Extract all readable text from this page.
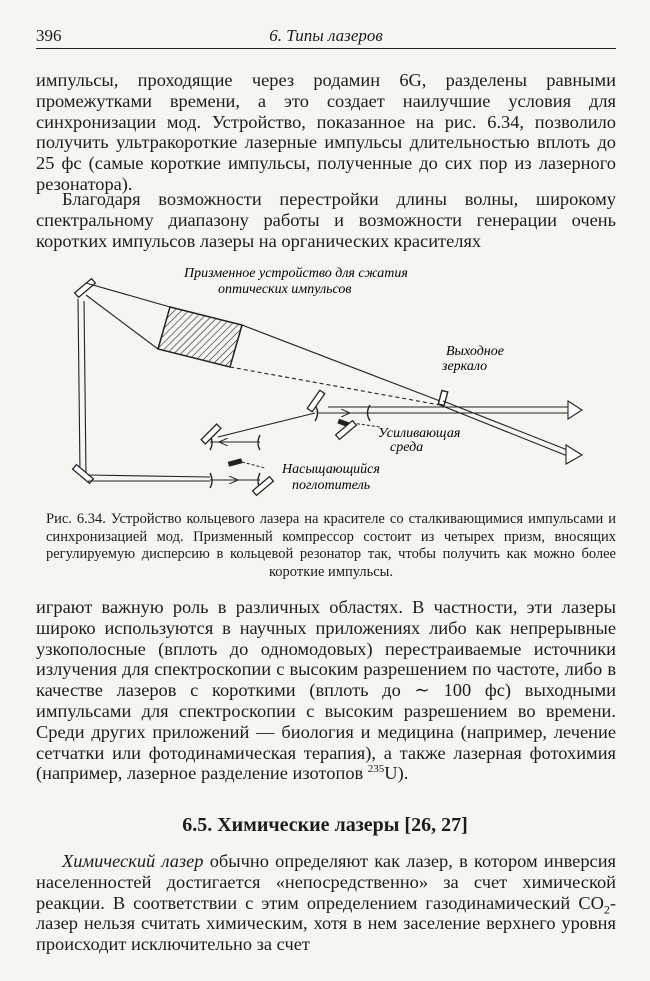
396	6. Типы лазеров

импульсы, проходящие через родамин 6G, разделены равными промежутками времени, а это создает наилучшие условия для синхронизации мод. Устройство, показанное на рис. 6.34, позволило получить ультракороткие лазерные импульсы длительностью вплоть до 25 фс (самые короткие импульсы, полученные до сих пор из лазерного резонатора).

Благодаря возможности перестройки длины волны, широкому спектральному диапазону работы и возможности генерации очень коротких импульсов лазеры на органических красителях

Призменное устройство для сжатия
оптических импульсов
Выходное
зеркало
Усиливающая
среда
Насыщающийся
поглотитель

Рис. 6.34. Устройство кольцевого лазера на красителе со сталкивающимися импульсами и синхронизацией мод. Призменный компрессор состоит из четырех призм, вносящих регулируемую дисперсию в кольцевой резонатор так, чтобы получить как можно более короткие импульсы.

играют важную роль в различных областях. В частности, эти лазеры широко используются в научных приложениях либо как непрерывные узкополосные (вплоть до одномодовых) перестраиваемые источники излучения для спектроскопии с высоким разрешением по частоте, либо в качестве лазеров с короткими (вплоть до ∼ 100 фс) выходными импульсами для спектроскопии с высоким разрешением во времени. Среди других приложений — биология и медицина (например, лечение сетчатки или фотодинамическая терапия), а также лазерная фотохимия (например, лазерное разделение изотопов $^{235}$U).

6.5. Химические лазеры [26, 27]

Химический лазер обычно определяют как лазер, в котором инверсия населенностей достигается «непосредственно» за счет химической реакции. В соответствии с этим определением газодинамический $CO_2$-лазер нельзя считать химическим, хотя в нем заселение верхнего уровня происходит исключительно за счет
